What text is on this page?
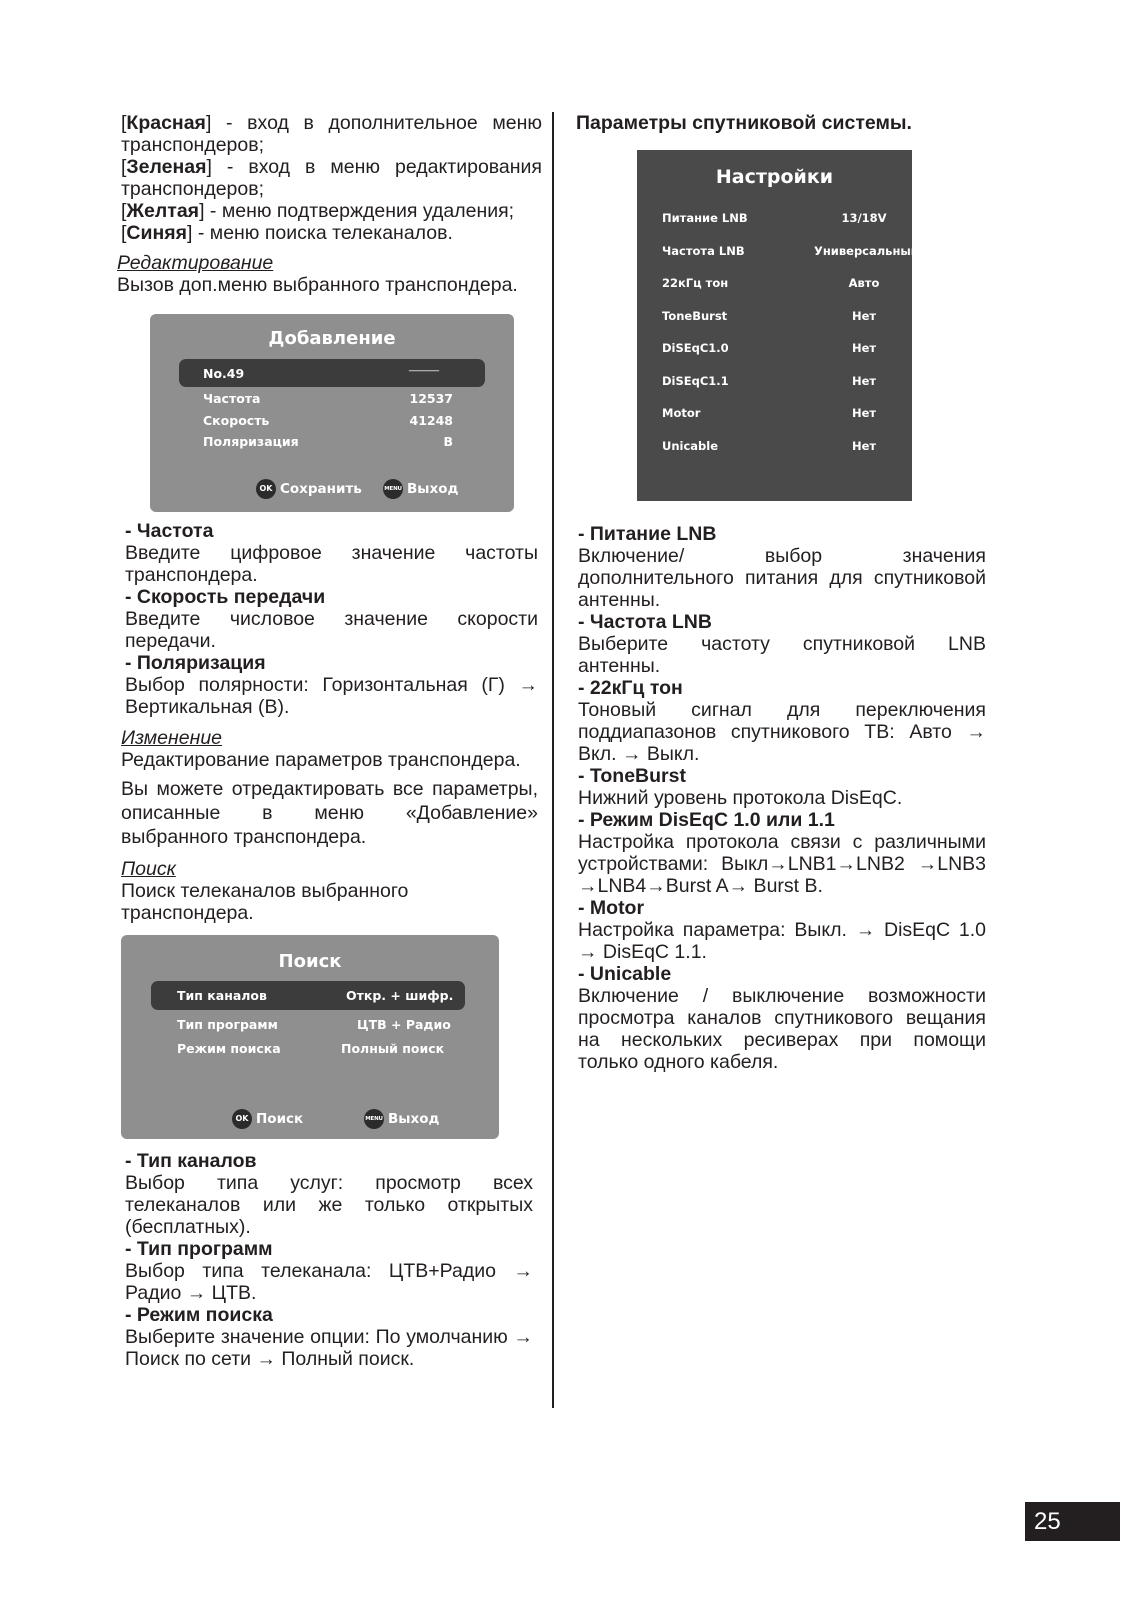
[Красная] - вход в дополнительное меню транспондеров;
[Зеленая] - вход в меню редактирования транспондеров;
[Желтая] - меню подтверждения удаления;
[Синяя] - меню поиска телеканалов.
Редактирование
Вызов доп.меню выбранного транспондера.
Добавление
No.49	______
Частота	12537
Скорость	41248
Поляризация	B
OK Сохранить	MENU Выход
- Частота
Введите цифровое значение частоты транспондера.
- Скорость передачи
Введите числовое значение скорости передачи.
- Поляризация
Выбор полярности: Горизонтальная (Г) → Вертикальная (В).
Изменение
Редактирование параметров транспондера.
Вы можете отредактировать все параметры, описанные в меню «Добавление» выбранного транспондера.
Поиск
Поиск телеканалов выбранного транспондера.
Поиск
Тип каналов	Откр. + шифр.
Тип программ	ЦТВ + Радио
Режим поиска	Полный поиск
OK Поиск	MENU Выход
- Тип каналов
Выбор типа услуг: просмотр всех телеканалов или же только открытых (бесплатных).
- Тип программ
Выбор типа телеканала: ЦТВ+Радио → Радио → ЦТВ.
- Режим поиска
Выберите значение опции: По умолчанию → Поиск по сети → Полный поиск.
Параметры спутниковой системы.
Настройки
Питание LNB	13/18V
Частота LNB	Универсальный
22кГц тон	Авто
ToneBurst	Нет
DiSEqC1.0	Нет
DiSEqC1.1	Нет
Motor	Нет
Unicable	Нет
- Питание LNB
Включение/ выбор значения дополнительного питания для спутниковой антенны.
- Частота LNB
Выберите частоту спутниковой LNB антенны.
- 22кГц тон
Тоновый сигнал для переключения поддиапазонов спутникового ТВ: Авто → Вкл. → Выкл.
- ToneBurst
Нижний уровень протокола DisEqC.
- Режим DisEqC 1.0 или 1.1
Настройка протокола связи с различными устройствами: Выкл→LNB1→LNB2 →LNB3 →LNB4→Burst A→ Burst B.
- Motor
Настройка параметра: Выкл. → DisEqC 1.0 → DisEqC 1.1.
- Unicable
Включение / выключение возможности просмотра каналов спутникового вещания на нескольких ресиверах при помощи только одного кабеля.
25
